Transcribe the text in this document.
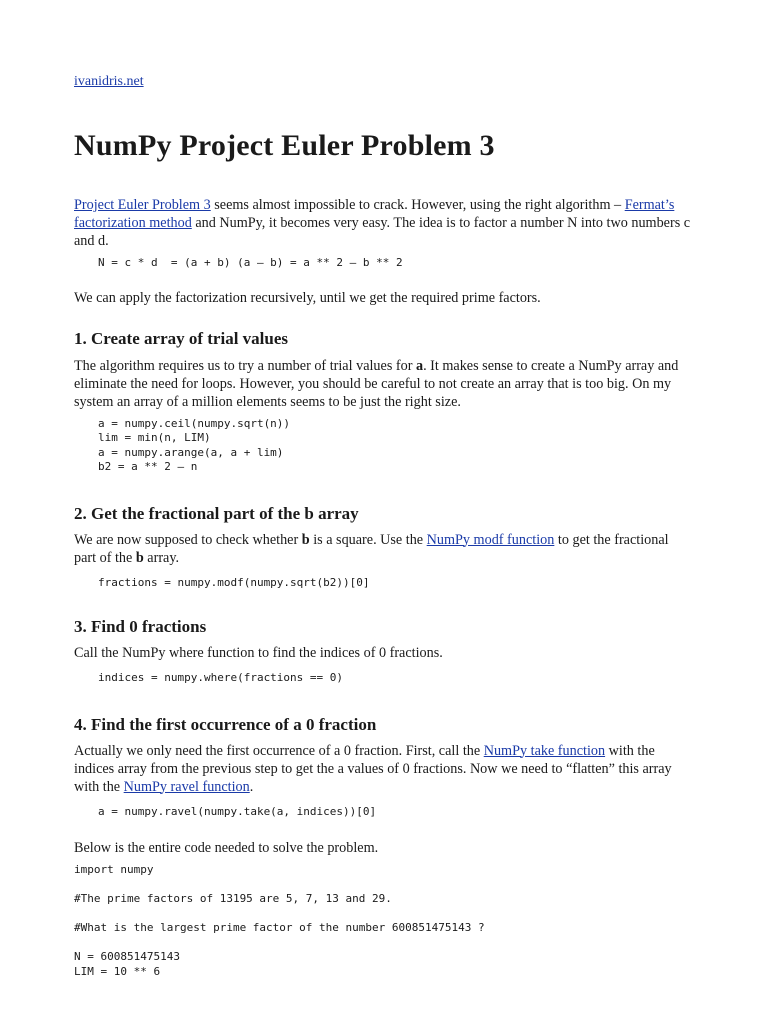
ivanidris.net
NumPy Project Euler Problem 3

Project Euler Problem 3 seems almost impossible to crack. However, using the right algorithm – Fermat’s factorization method and NumPy, it becomes very easy. The idea is to factor a number N into two numbers c and d.

N = c * d  = (a + b) (a – b) = a ** 2 – b ** 2

We can apply the factorization recursively, until we get the required prime factors.

1. Create array of trial values

The algorithm requires us to try a number of trial values for a. It makes sense to create a NumPy array and eliminate the need for loops. However, you should be careful to not create an array that is too big. On my system an array of a million elements seems to be just the right size.

a = numpy.ceil(numpy.sqrt(n))
lim = min(n, LIM)
a = numpy.arange(a, a + lim)
b2 = a ** 2 – n
2. Get the fractional part of the b array

We are now supposed to check whether b is a square. Use the NumPy modf function to get the fractional part of the b array.

fractions = numpy.modf(numpy.sqrt(b2))[0]
3. Find 0 fractions

Call the NumPy where function to find the indices of 0 fractions.

indices = numpy.where(fractions == 0)
4. Find the first occurrence of a 0 fraction

Actually we only need the first occurrence of a 0 fraction. First, call the NumPy take function with the indices array from the previous step to get the a values of 0 fractions. Now we need to “flatten” this array with the NumPy ravel function.

a = numpy.ravel(numpy.take(a, indices))[0]

Below is the entire code needed to solve the problem.

import numpy
#The prime factors of 13195 are 5, 7, 13 and 29.
#What is the largest prime factor of the number 600851475143 ?
N = 600851475143
LIM = 10 ** 6
